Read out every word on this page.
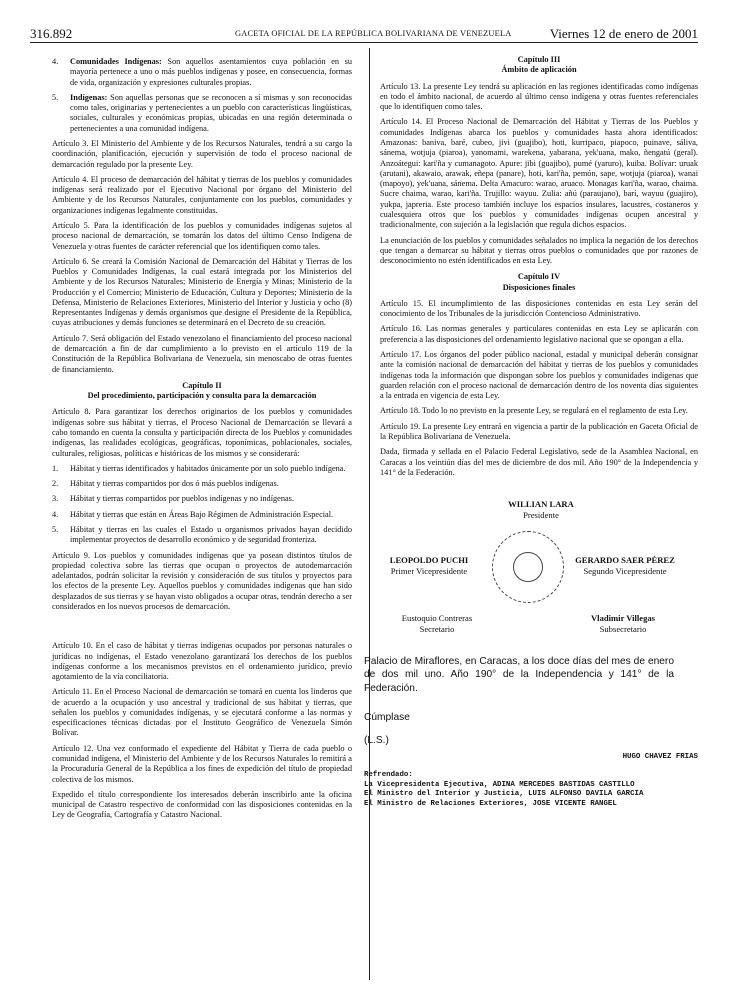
316.892	GACETA OFICIAL DE LA REPÚBLICA BOLIVARIANA DE VENEZUELA	Viernes 12 de enero de 2001
4.	Comunidades Indígenas: Son aquellos asentamientos cuya población en su mayoría pertenece a uno o más pueblos indígenas y posee, en consecuencia, formas de vida, organización y expresiones culturales propias.
5.	Indígenas: Son aquellas personas que se reconocen a sí mismas y son reconocidas como tales, originarias y pertenecientes a un pueblo con características lingüísticas, sociales, culturales y económicas propias, ubicadas en una región determinada o pertenecientes a una comunidad indígena.

Artículo 3. El Ministerio del Ambiente y de los Recursos Naturales, tendrá a su cargo la coordinación, planificación, ejecución y supervisión de todo el proceso nacional de demarcación regulado por la presente Ley.

Artículo 4. El proceso de demarcación del hábitat y tierras de los pueblos y comunidades indígenas será realizado por el Ejecutivo Nacional por órgano del Ministerio del Ambiente y de los Recursos Naturales, conjuntamente con los pueblos, comunidades y organizaciones indígenas legalmente constituidas.

Artículo 5. Para la identificación de los pueblos y comunidades indígenas sujetos al proceso nacional de demarcación, se tomarán los datos del último Censo Indígena de Venezuela y otras fuentes de carácter referencial que los identifiquen como tales.

Artículo 6. Se creará la Comisión Nacional de Demarcación del Hábitat y Tierras de los Pueblos y Comunidades Indígenas, la cual estará integrada por los Ministerios del Ambiente y de los Recursos Naturales; Ministerio de Energía y Minas; Ministerio de la Producción y el Comercio; Ministerio de Educación, Cultura y Deportes; Ministerio de la Defensa, Ministerio de Relaciones Exteriores, Ministerio del Interior y Justicia y ocho (8) Representantes Indígenas y demás organismos que designe el Presidente de la República, cuyas atribuciones y demás funciones se determinará en el Decreto de su creación.

Artículo 7. Será obligación del Estado venezolano el financiamiento del proceso nacional de demarcación a fin de dar cumplimiento a lo previsto en el artículo 119 de la Constitución de la República Bolivariana de Venezuela, sin menoscabo de otras fuentes de financiamiento.

Capítulo II
Del procedimiento, participación y consulta para la demarcación

Artículo 8. Para garantizar los derechos originarios de los pueblos y comunidades indígenas sobre sus hábitat y tierras, el Proceso Nacional de Demarcación se llevará a cabo tomando en cuenta la consulta y participación directa de los Pueblos y comunidades indígenas, las realidades ecológicas, geográficas, toponímicas, poblacionales, sociales, culturales, religiosas, políticas e históricas de los mismos y se considerará:

1.	Hábitat y tierras identificados y habitados únicamente por un solo pueblo indígena.
2.	Hábitat y tierras compartidos por dos ó más pueblos indígenas.
3.	Hábitat y tierras compartidos por pueblos indígenas y no indígenas.
4.	Hábitat y tierras que están en Áreas Bajo Régimen de Administración Especial.
5.	Hábitat y tierras en las cuales el Estado u organismos privados hayan decidido implementar proyectos de desarrollo económico y de seguridad fronteriza.

Artículo 9. Los pueblos y comunidades indígenas que ya posean distintos títulos de propiedad colectiva sobre las tierras que ocupan o proyectos de autodemarcación adelantados, podrán solicitar la revisión y consideración de sus títulos y proyectos para los efectos de la presente Ley. Aquellos pueblos y comunidades indígenas que han sido desplazados de sus tierras y se hayan visto obligados a ocupar otras, tendrán derecho a ser considerados en los nuevos procesos de demarcación.

Artículo 10. En el caso de hábitat y tierras indígenas ocupados por personas naturales o jurídicas no indígenas, el Estado venezolano garantizará los derechos de los pueblos indígenas conforme a los mecanismos previstos en el ordenamiento jurídico, previo agotamiento de la vía conciliatoria.

Artículo 11. En el Proceso Nacional de demarcación se tomará en cuenta los linderos que de acuerdo a la ocupación y uso ancestral y tradicional de sus hábitat y tierras, que señalen los pueblos y comunidades indígenas, y se ejecutará conforme a las normas y especificaciones técnicas dictadas por el Instituto Geográfico de Venezuela Simón Bolívar.

Artículo 12. Una vez conformado el expediente del Hábitat y Tierra de cada pueblo o comunidad indígena, el Ministerio del Ambiente y de los Recursos Naturales lo remitirá a la Procuraduría General de la República a los fines de expedición del título de propiedad colectiva de los mismos.

Expedido el título correspondiente los interesados deberán inscribirlo ante la oficina municipal de Catastro respectivo de conformidad con las disposiciones contenidas en la Ley de Geografía, Cartografía y Catastro Nacional.

Capítulo III
Ámbito de aplicación

Artículo 13. La presente Ley tendrá su aplicación en las regiones identificadas como indígenas en todo el ámbito nacional, de acuerdo al último censo indígena y otras fuentes referenciales que lo identifiquen como tales.

Artículo 14. El Proceso Nacional de Demarcación del Hábitat y Tierras de los Pueblos y comunidades Indígenas abarca los pueblos y comunidades hasta ahora identificados: Amazonas: baniva, baré, cubeo, jivi (guajibo), hoti, kurripaco, piapoco, puinave, sáliva, sánema, wotjuja (piaroa), yanomami, warekena, yabarana, yek'uana, mako, ñengatú (geral). Anzoátegui: kari'ña y cumanagoto. Apure: jibi (guajibo), pumé (yaruro), kuiba. Bolívar: uruak (arutani), akawaio, arawak, eñepa (panare), hoti, kari'ña, pemón, sape, wotjuja (piaroa), wanai (mapoyo), yek'uana, sánema. Delta Amacuro: warao, aruaco. Monagas kari'ña, warao, chaima. Sucre chaima, warao, kari'ña. Trujillo: wayuu. Zulia: añú (paraujano), barí, wayuu (guajiro), yukpa, japreria. Este proceso también incluye los espacios insulares, lacustres, costaneros y cualesquiera otros que los pueblos y comunidades indígenas ocupen ancestral y tradicionalmente, con sujeción a la legislación que regula dichos espacios.

La enunciación de los pueblos y comunidades señalados no implica la negación de los derechos que tengan a demarcar su hábitat y tierras otros pueblos o comunidades que por razones de desconocimiento no estén identificados en esta Ley.

Capítulo IV
Disposiciones finales

Artículo 15. El incumplimiento de las disposiciones contenidas en esta Ley serán del conocimiento de los Tribunales de la jurisdicción Contencioso Administrativo.

Artículo 16. Las normas generales y particulares contenidas en esta Ley se aplicarán con preferencia a las disposiciones del ordenamiento legislativo nacional que se opongan a ella.

Artículo 17. Los órganos del poder público nacional, estadal y municipal deberán consignar ante la comisión nacional de demarcación del hábitat y tierras de los pueblos y comunidades indígenas toda la información que dispongan sobre los pueblos y comunidades indígenas que guarden relación con el proceso nacional de demarcación dentro de los noventa días siguientes a la entrada en vigencia de esta Ley.

Artículo 18. Todo lo no previsto en la presente Ley, se regulará en el reglamento de esta Ley.

Artículo 19. La presente Ley entrará en vigencia a partir de la publicación en Gaceta Oficial de la República Bolivariana de Venezuela.

Dada, firmada y sellada en el Palacio Federal Legislativo, sede de la Asamblea Nacional, en Caracas a los veintiún días del mes de diciembre de dos mil. Año 190° de la Independencia y 141° de la Federación.

WILLIAN LARA
Presidente
LEOPOLDO PUCHI
Primer Vicepresidente
GERARDO SAER PÉREZ
Segundo Vicepresidente
Eustoquio Contreras
Secretario
Vladimir Villegas
Subsecretario

Palacio de Miraflores, en Caracas, a los doce días del mes de enero de dos mil uno. Año 190° de la Independencia y 141° de la Federación.

Cúmplase

(L.S.)

HUGO CHAVEZ FRIAS

Refrendado:
La Vicepresidenta Ejecutiva, ADINA MERCEDES BASTIDAS CASTILLO
El Ministro del Interior y Justicia, LUIS ALFONSO DAVILA GARCIA
El Ministro de Relaciones Exteriores, JOSE VICENTE RANGEL
